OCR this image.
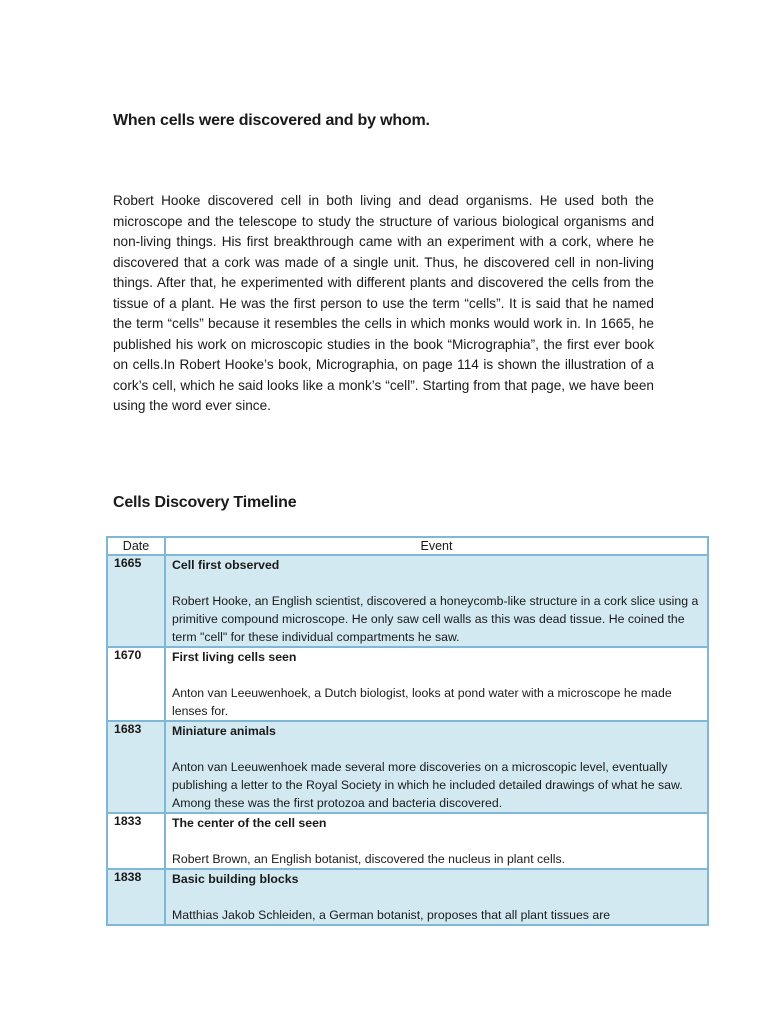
When cells were discovered and by whom.

Robert Hooke discovered cell in both living and dead organisms. He used both the microscope and the telescope to study the structure of various biological organisms and non-living things. His first breakthrough came with an experiment with a cork, where he discovered that a cork was made of a single unit. Thus, he discovered cell in non-living things. After that, he experimented with different plants and discovered the cells from the tissue of a plant. He was the first person to use the term “cells”. It is said that he named the term “cells” because it resembles the cells in which monks would work in. In 1665, he published his work on microscopic studies in the book “Micrographia”, the first ever book on cells.In Robert Hooke’s book, Micrographia, on page 114 is shown the illustration of a cork’s cell, which he said looks like a monk’s “cell”. Starting from that page, we have been using the word ever since.

Cells Discovery Timeline
Date	Event
1665	Cell first observed
Robert Hooke, an English scientist, discovered a honeycomb-like structure in a cork slice using a primitive compound microscope. He only saw cell walls as this was dead tissue. He coined the term "cell" for these individual compartments he saw.

1670	First living cells seen
Anton van Leeuwenhoek, a Dutch biologist, looks at pond water with a microscope he made lenses for.

1683	Miniature animals
Anton van Leeuwenhoek made several more discoveries on a microscopic level, eventually publishing a letter to the Royal Society in which he included detailed drawings of what he saw. Among these was the first protozoa and bacteria discovered.

1833	The center of the cell seen
Robert Brown, an English botanist, discovered the nucleus in plant cells.

1838	Basic building blocks
Matthias Jakob Schleiden, a German botanist, proposes that all plant tissues are
